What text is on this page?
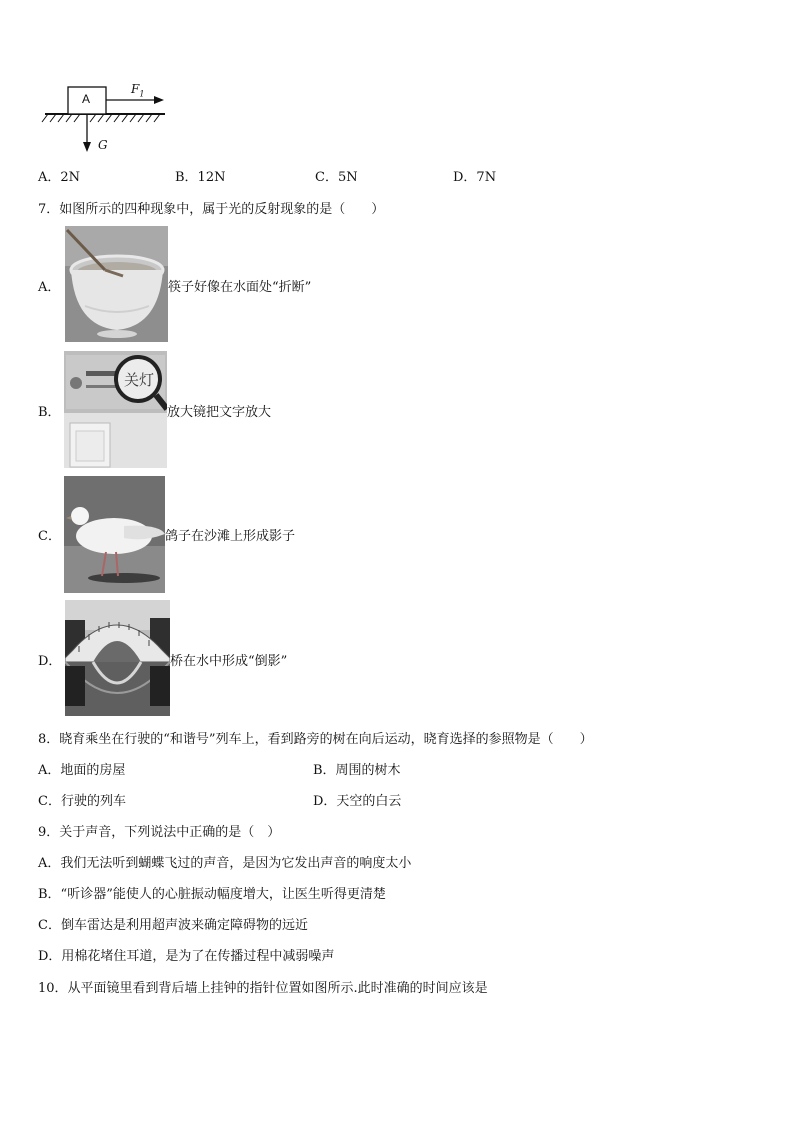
A
$F_1$
G
A．2N	B．12N	C．5N	D．7N
7．如图所示的四种现象中，属于光的反射现象的是（　　）
A．	筷子好像在水面处“折断”
B．
关灯
放大镜把文字放大
C．	鸽子在沙滩上形成影子
D．	桥在水中形成“倒影”
8．晓育乘坐在行驶的“和谐号”列车上，看到路旁的树在向后运动，晓育选择的参照物是（　　）
A．地面的房屋	B．周围的树木
C．行驶的列车	D．天空的白云
9．关于声音，下列说法中正确的是（　）
A．我们无法听到蝴蝶飞过的声音，是因为它发出声音的响度太小
B．“听诊器”能使人的心脏振动幅度增大，让医生听得更清楚
C．倒车雷达是利用超声波来确定障碍物的远近
D．用棉花堵住耳道，是为了在传播过程中减弱噪声
10．从平面镜里看到背后墙上挂钟的指针位置如图所示.此时准确的时间应该是
